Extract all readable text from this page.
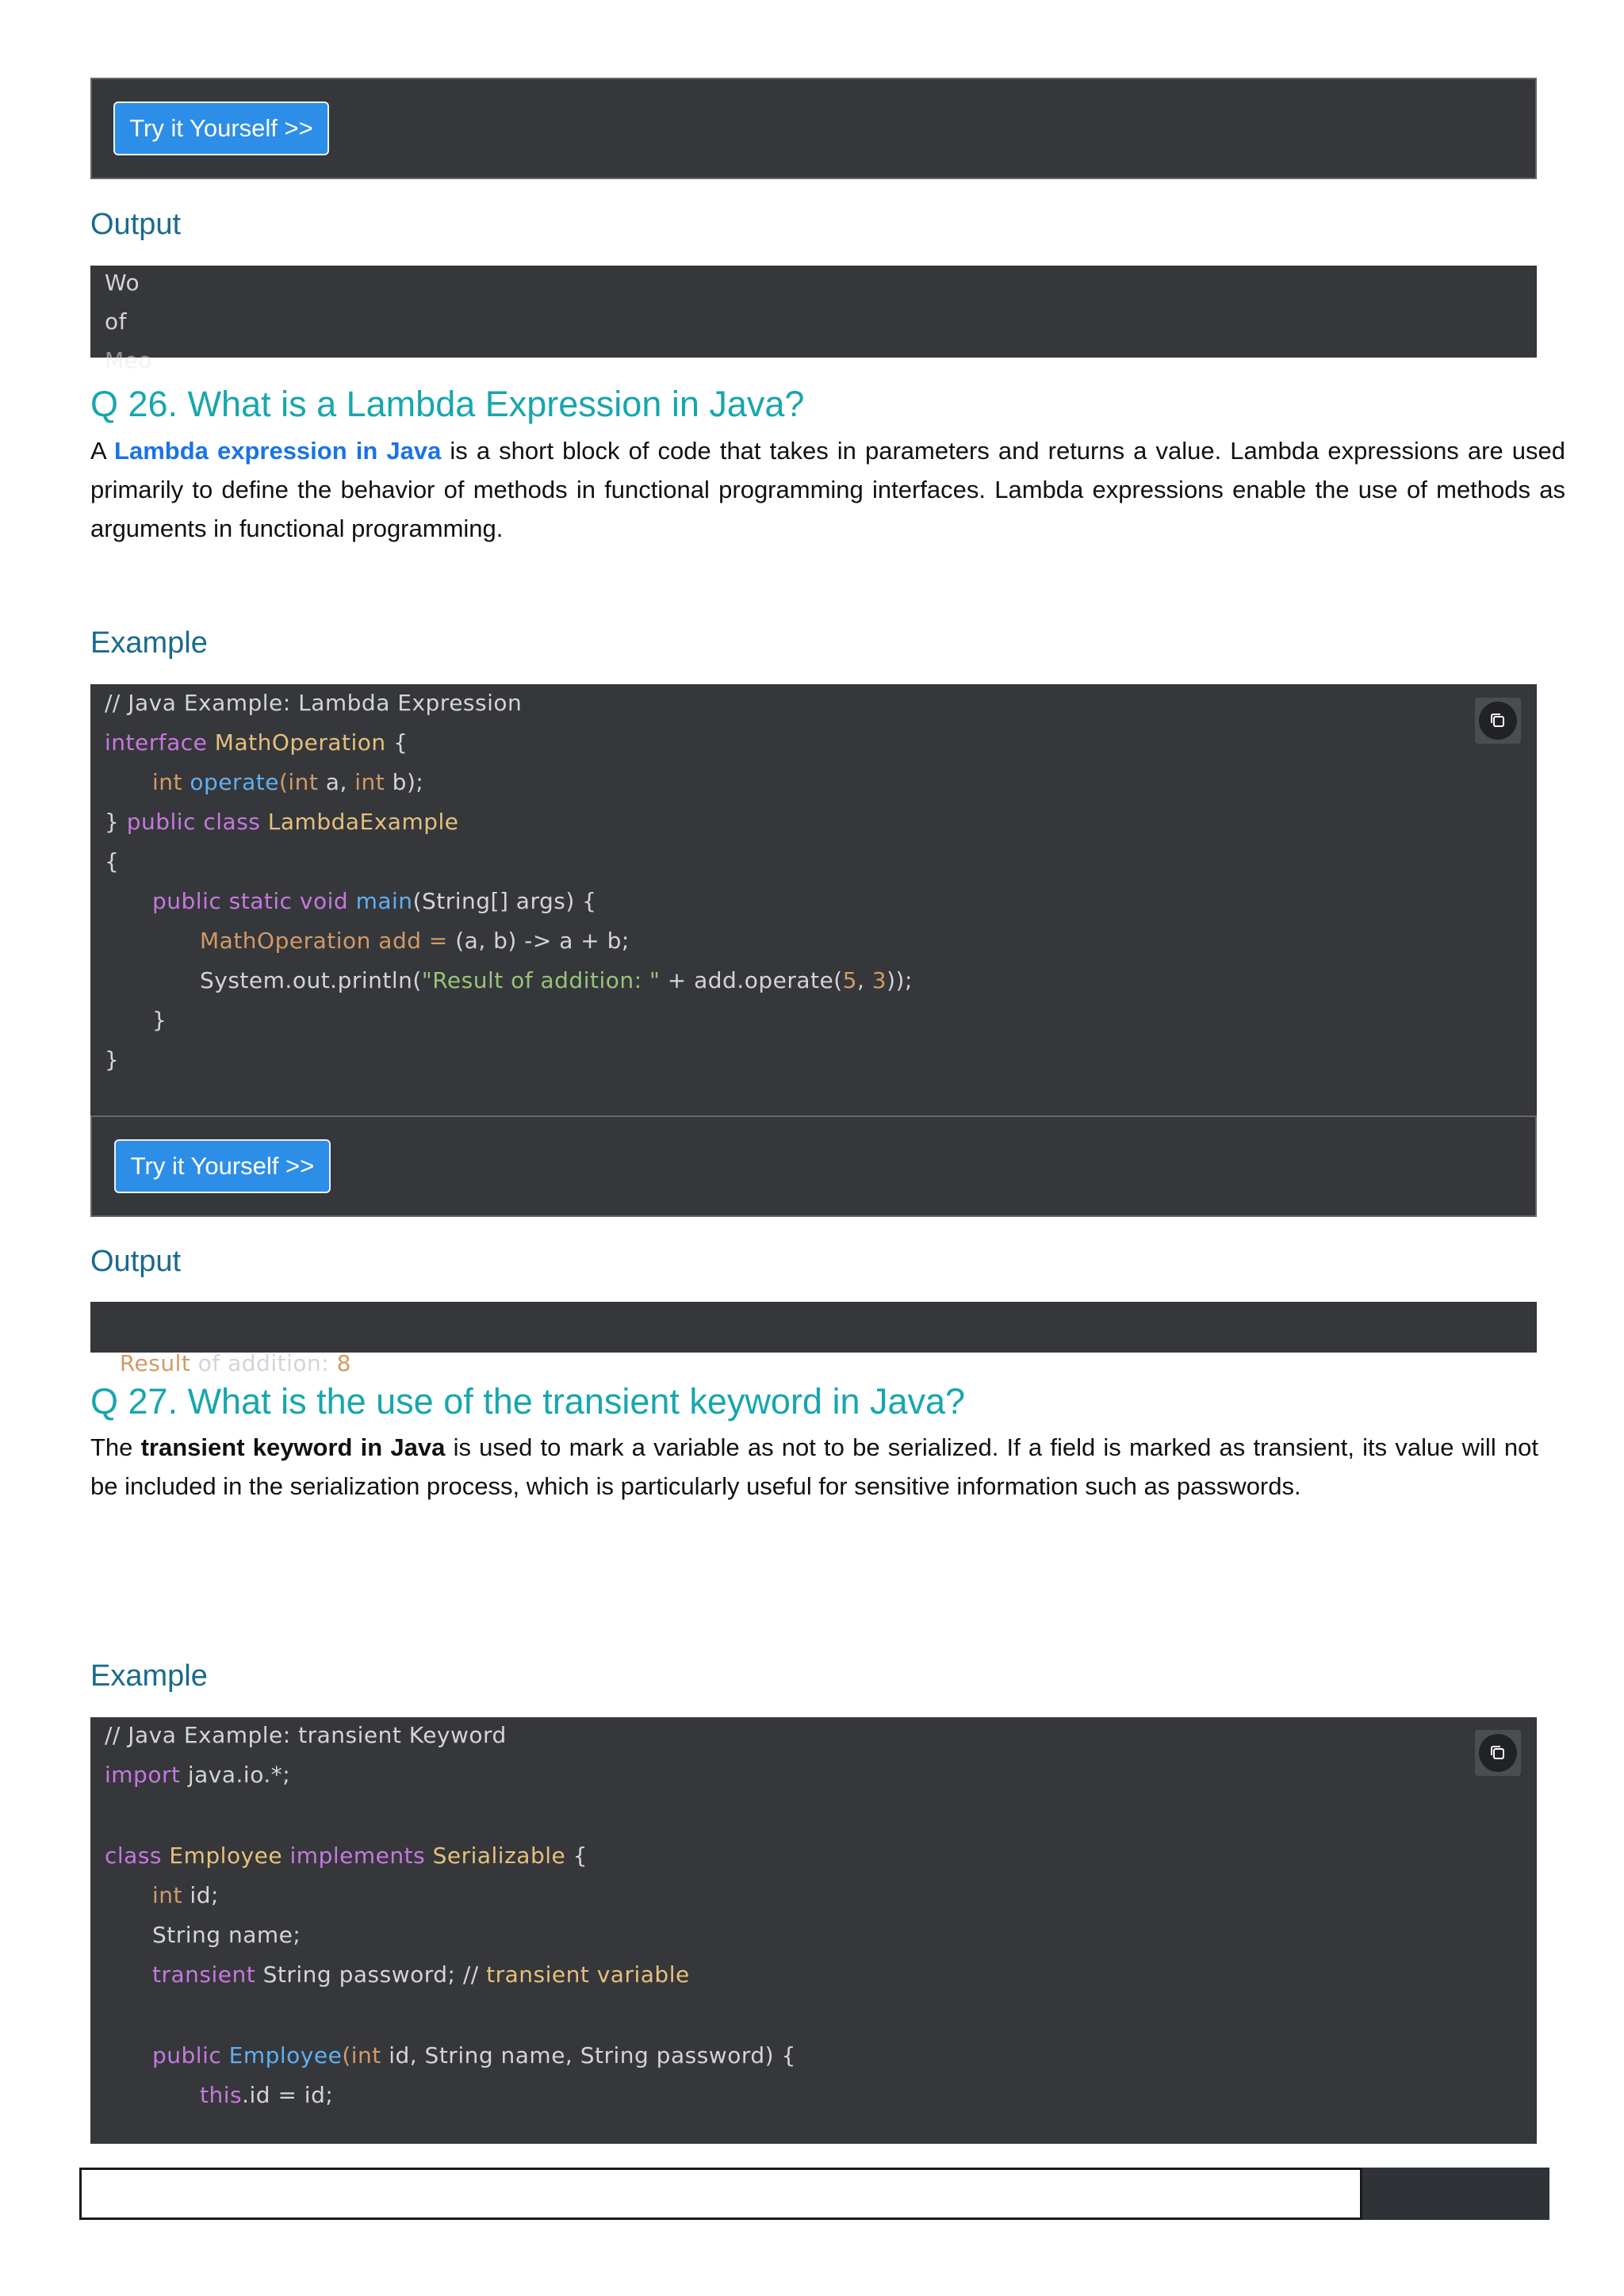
Try it Yourself >>
Output
Wo
of
Meo
Q 26. What is a Lambda Expression in Java?
A Lambda expression in Java is a short block of code that takes in parameters and returns a value. Lambda expressions are used primarily to define the behavior of methods in functional programming interfaces. Lambda expressions enable the use of methods as arguments in functional programming.
Example

// Java Example: Lambda Expression

interface MathOperation {

int operate(int a, int b);

} public class LambdaExample

{

public static void main(String[] args) {

MathOperation add = (a, b) -> a + b;

System.out.println("Result of addition: " + add.operate(5, 3));

}

}

Try it Yourself >>
Output

Result of addition: 8

Q 27. What is the use of the transient keyword in Java?
The transient keyword in Java is used to mark a variable as not to be serialized. If a field is marked as transient, its value will not be included in the serialization process, which is particularly useful for sensitive information such as passwords.
Example

// Java Example: transient Keyword

import java.io.*;

class Employee implements Serializable {

int id;

String name;

transient String password; // transient variable

public Employee(int id, String name, String password) {

this.id = id;
